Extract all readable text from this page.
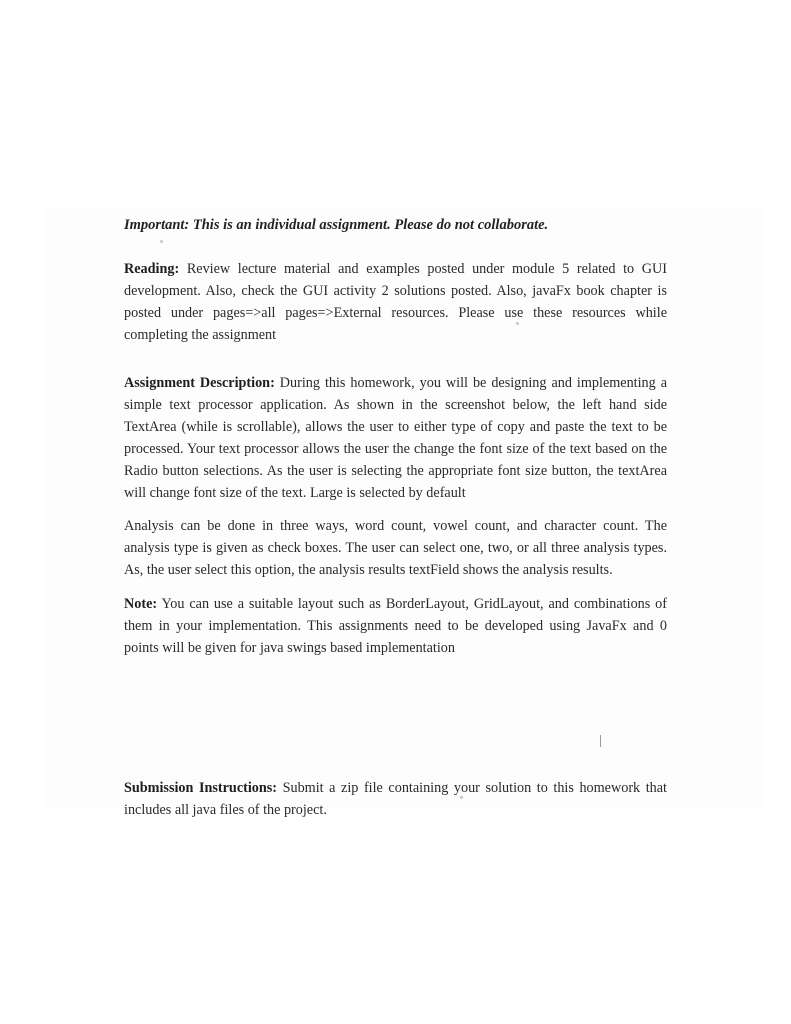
Important: This is an individual assignment. Please do not collaborate.

Reading: Review lecture material and examples posted under module 5 related to GUI development. Also, check the GUI activity 2 solutions posted. Also, javaFx book chapter is posted under pages=>all pages=>External resources. Please use these resources while completing the assignment

Assignment Description: During this homework, you will be designing and implementing a simple text processor application. As shown in the screenshot below, the left hand side TextArea (while is scrollable), allows the user to either type of copy and paste the text to be processed. Your text processor allows the user the change the font size of the text based on the Radio button selections. As the user is selecting the appropriate font size button, the textArea will change font size of the text. Large is selected by default

Analysis can be done in three ways, word count, vowel count, and character count. The analysis type is given as check boxes. The user can select one, two, or all three analysis types. As, the user select this option, the analysis results textField shows the analysis results.

Note: You can use a suitable layout such as BorderLayout, GridLayout, and combinations of them in your implementation. This assignments need to be developed using JavaFx and 0 points will be given for java swings based implementation

Submission Instructions: Submit a zip file containing your solution to this homework that includes all java files of the project.
